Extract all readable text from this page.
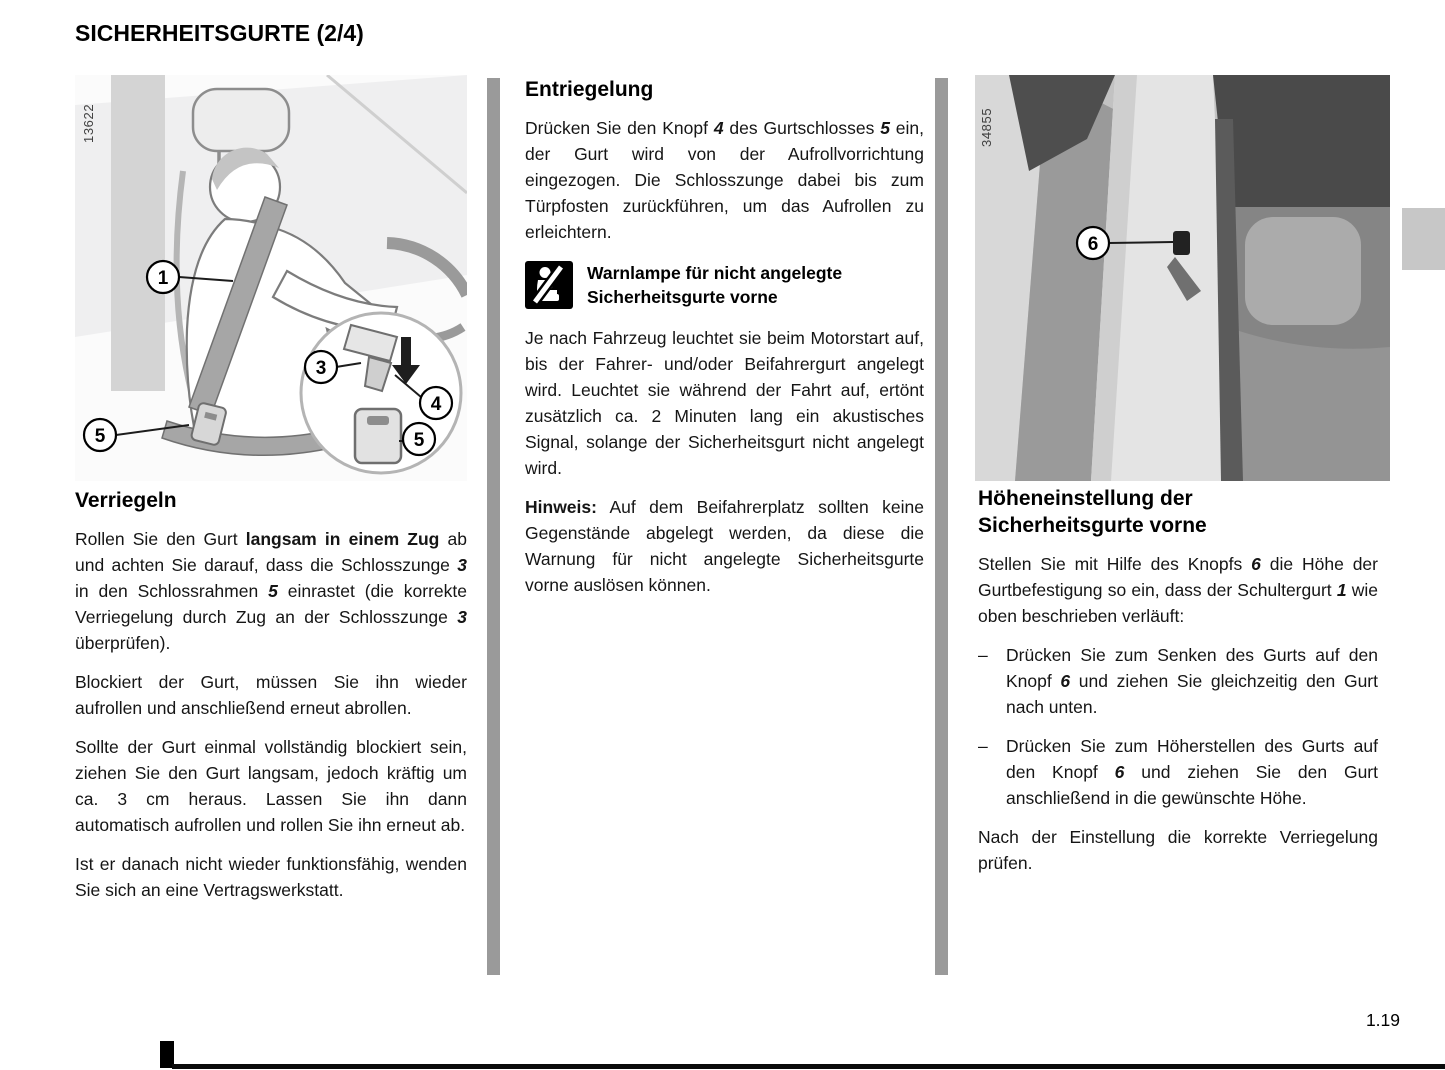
SICHERHEITSGURTE (2/4)
1
3
4
5	5
13622
Verriegeln

Rollen Sie den Gurt langsam in einem Zug ab und achten Sie darauf, dass die Schlosszunge 3 in den Schlossrahmen 5 einrastet (die korrekte Verriegelung durch Zug an der Schlosszunge 3 überprüfen).

Blockiert der Gurt, müssen Sie ihn wieder aufrollen und anschließend erneut abrollen.

Sollte der Gurt einmal vollständig blockiert sein, ziehen Sie den Gurt langsam, jedoch kräftig um ca. 3 cm heraus. Lassen Sie ihn dann automatisch aufrollen und rollen Sie ihn erneut ab.

Ist er danach nicht wieder funktionsfähig, wenden Sie sich an eine Vertragswerkstatt.

Entriegelung

Drücken Sie den Knopf 4 des Gurtschlosses 5 ein, der Gurt wird von der Aufrollvorrichtung eingezogen. Die Schlosszunge dabei bis zum Türpfosten zurückführen, um das Aufrollen zu erleichtern.

Warnlampe für nicht angelegte Sicherheitsgurte vorne

Je nach Fahrzeug leuchtet sie beim Motorstart auf, bis der Fahrer- und/oder Beifahrergurt angelegt wird. Leuchtet sie während der Fahrt auf, ertönt zusätzlich ca. 2 Minuten lang ein akustisches Signal, solange der Sicherheitsgurt nicht angelegt wird.

Hinweis: Auf dem Beifahrerplatz sollten keine Gegenstände abgelegt werden, da diese die Warnung für nicht angelegte Sicherheitsgurte vorne auslösen können.

6
34855
Höheneinstellung der Sicherheitsgurte vorne

Stellen Sie mit Hilfe des Knopfs 6 die Höhe der Gurtbefestigung so ein, dass der Schultergurt 1 wie oben beschrieben verläuft:

–	Drücken Sie zum Senken des Gurts auf den Knopf 6 und ziehen Sie gleichzeitig den Gurt nach unten.
–	Drücken Sie zum Höherstellen des Gurts auf den Knopf 6 und ziehen Sie den Gurt anschließend in die gewünschte Höhe.

Nach der Einstellung die korrekte Verriegelung prüfen.

1.19
